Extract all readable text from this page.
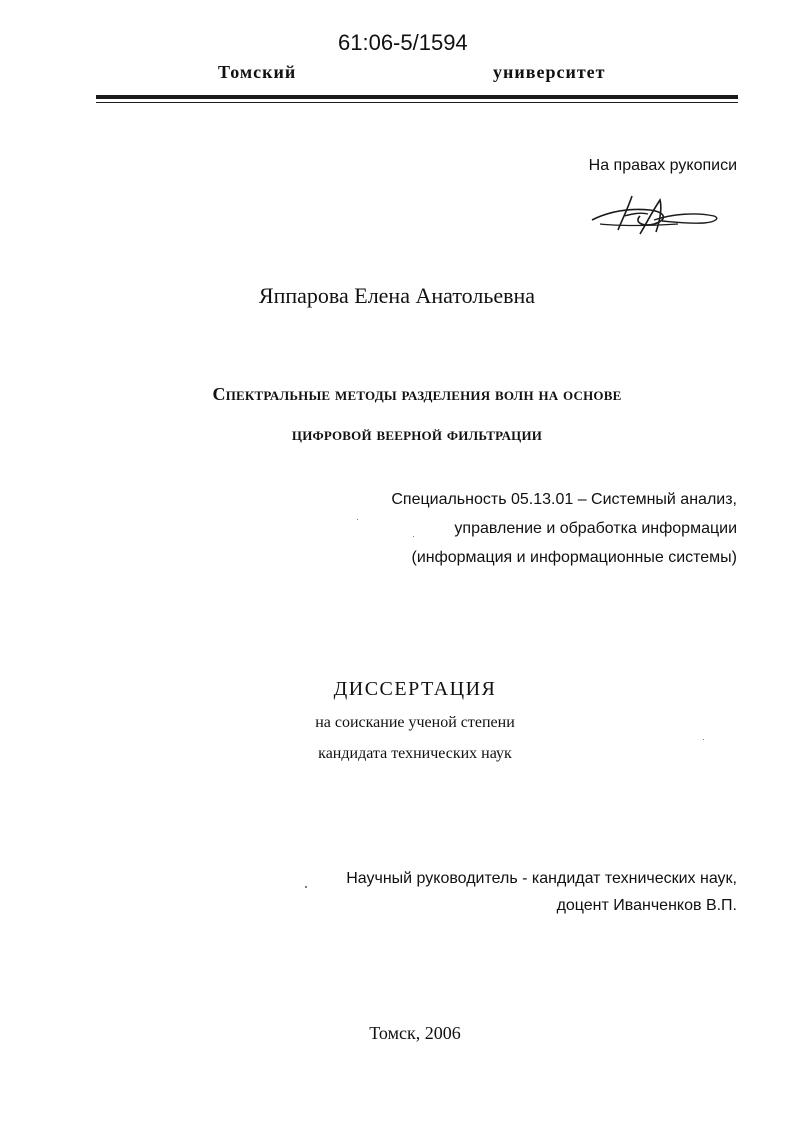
61:06-5/1594
Томский	университет
На правах рукописи
Яппарова Елена Анатольевна
Спектральные методы разделения волн на основе
цифровой веерной фильтрации
Специальность 05.13.01 – Системный анализ,
управление и обработка информации
(информация и информационные системы)
ДИССЕРТАЦИЯ
на соискание ученой степени
кандидата технических наук
Научный руководитель - кандидат технических наук,
доцент Иванченков В.П.
Томск, 2006
